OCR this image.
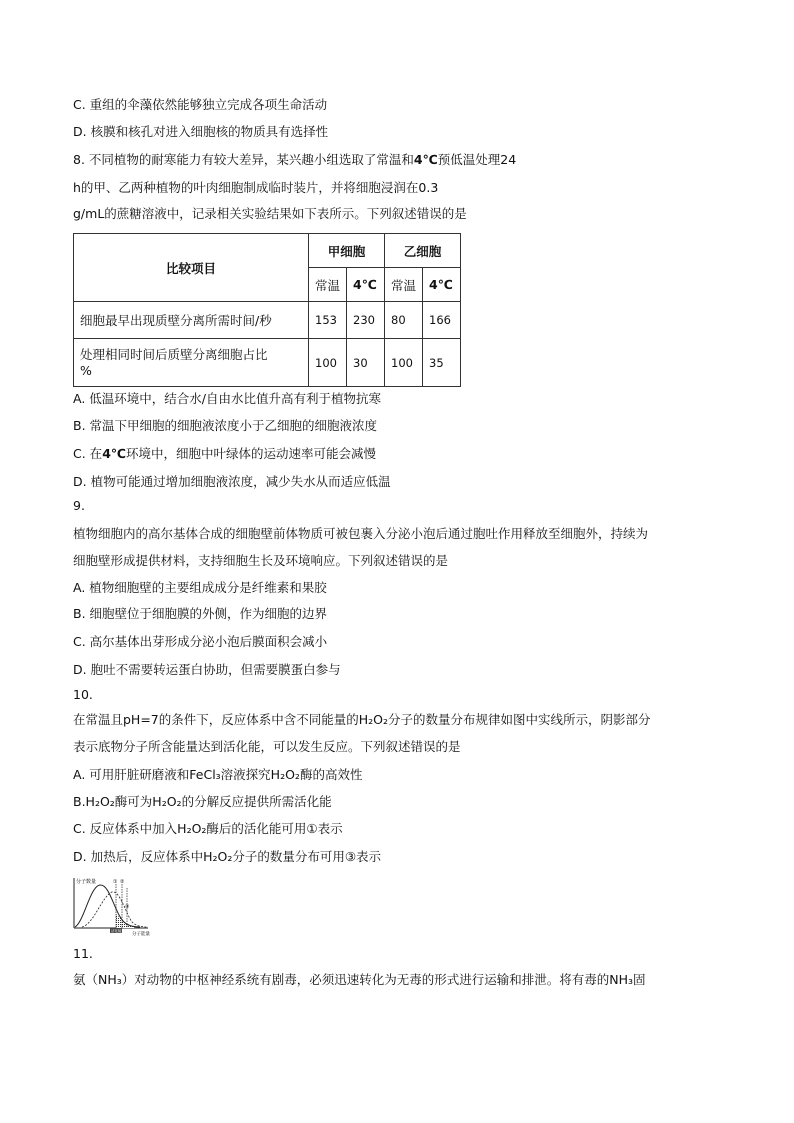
C. 重组的伞藻依然能够独立完成各项生命活动
D. 核膜和核孔对进入细胞核的物质具有选择性
8. 不同植物的耐寒能力有较大差异，某兴趣小组选取了常温和4℃预低温处理24
h的甲、乙两种植物的叶肉细胞制成临时装片，并将细胞浸润在0.3
g/mL的蔗糖溶液中，记录相关实验结果如下表所示。下列叙述错误的是
比较项目	甲细胞		乙细胞	
	常温	4℃	常温	4℃
细胞最早出现质壁分离所需时间/秒	153	230	80	166

处理相同时间后质壁分离细胞占比
%	100	30	100	35
A. 低温环境中，结合水/自由水比值升高有利于植物抗寒
B. 常温下甲细胞的细胞液浓度小于乙细胞的细胞液浓度
C. 在4℃环境中，细胞中叶绿体的运动速率可能会减慢
D. 植物可能通过增加细胞液浓度，减少失水从而适应低温
9.
植物细胞内的高尔基体合成的细胞壁前体物质可被包裹入分泌小泡后通过胞吐作用释放至细胞外，持续为
细胞壁形成提供材料，支持细胞生长及环境响应。下列叙述错误的是
A. 植物细胞壁的主要组成成分是纤维素和果胶
B. 细胞壁位于细胞膜的外侧，作为细胞的边界
C. 高尔基体出芽形成分泌小泡后膜面积会减小
D. 胞吐不需要转运蛋白协助，但需要膜蛋白参与
10.
在常温且pH=7的条件下，反应体系中含不同能量的H₂O₂分子的数量分布规律如图中实线所示，阴影部分
表示底物分子所含能量达到活化能，可以发生反应。下列叙述错误的是
A. 可用肝脏研磨液和FeCl₃溶液探究H₂O₂酶的高效性
B.H₂O₂酶可为H₂O₂的分解反应提供所需活化能
C. 反应体系中加入H₂O₂酶后的活化能可用①表示
D. 加热后，反应体系中H₂O₂分子的数量分布可用③表示
分子数量
分子能量
活化能
① ②
③
11.
氨（NH₃）对动物的中枢神经系统有剧毒，必须迅速转化为无毒的形式进行运输和排泄。将有毒的NH₃固
